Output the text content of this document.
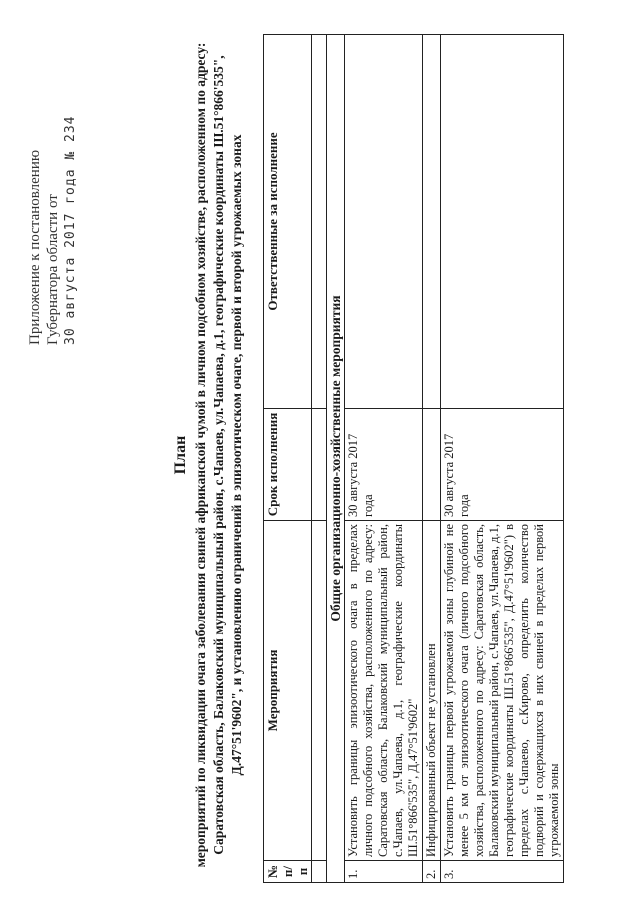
Приложение к постановлению Губернатора области от 30 августа 2017 года № 234
План мероприятий по ликвидации очага заболевания свиней африканской чумой в личном подсобном хозяйстве, расположенном по адресу: Саратовская область, Балаковский муниципальный район, с.Чапаев, ул.Чапаева, д.1, географические координаты Ш.51°866'535", Д.47°51'9602", и установлению ограничений в эпизоотическом очаге, первой и второй угрожаемых зонах
№ п/п	Мероприятия	Срок исполнения	Ответственные за исполнение

Общие организационно-хозяйственные мероприятия			
1.	Установить границы эпизоотического очага в пределах личного подсобного хозяйства, расположенного по адресу: Саратовская область, Балаковский муниципальный район, с.Чапаев, ул.Чапаева, д.1, географические координаты Ш.51°866'535", Д.47°51'9602"	30 августа 2017 года	
2.	Инфицированный объект не установлен		
3.	Установить границы первой угрожаемой зоны глубиной не менее 5 км от эпизоотического очага (личного подсобного хозяйства, расположенного по адресу: Саратовская область, Балаковский муниципальный район, с.Чапаев, ул.Чапаева, д.1, географические координаты Ш.51°866'535", Д.47°51'9602") в пределах с.Чапаево, с.Кирово, определить количество подворий и содержащихся в них свиней в пределах первой угрожаемой зоны	30 августа 2017 года	
